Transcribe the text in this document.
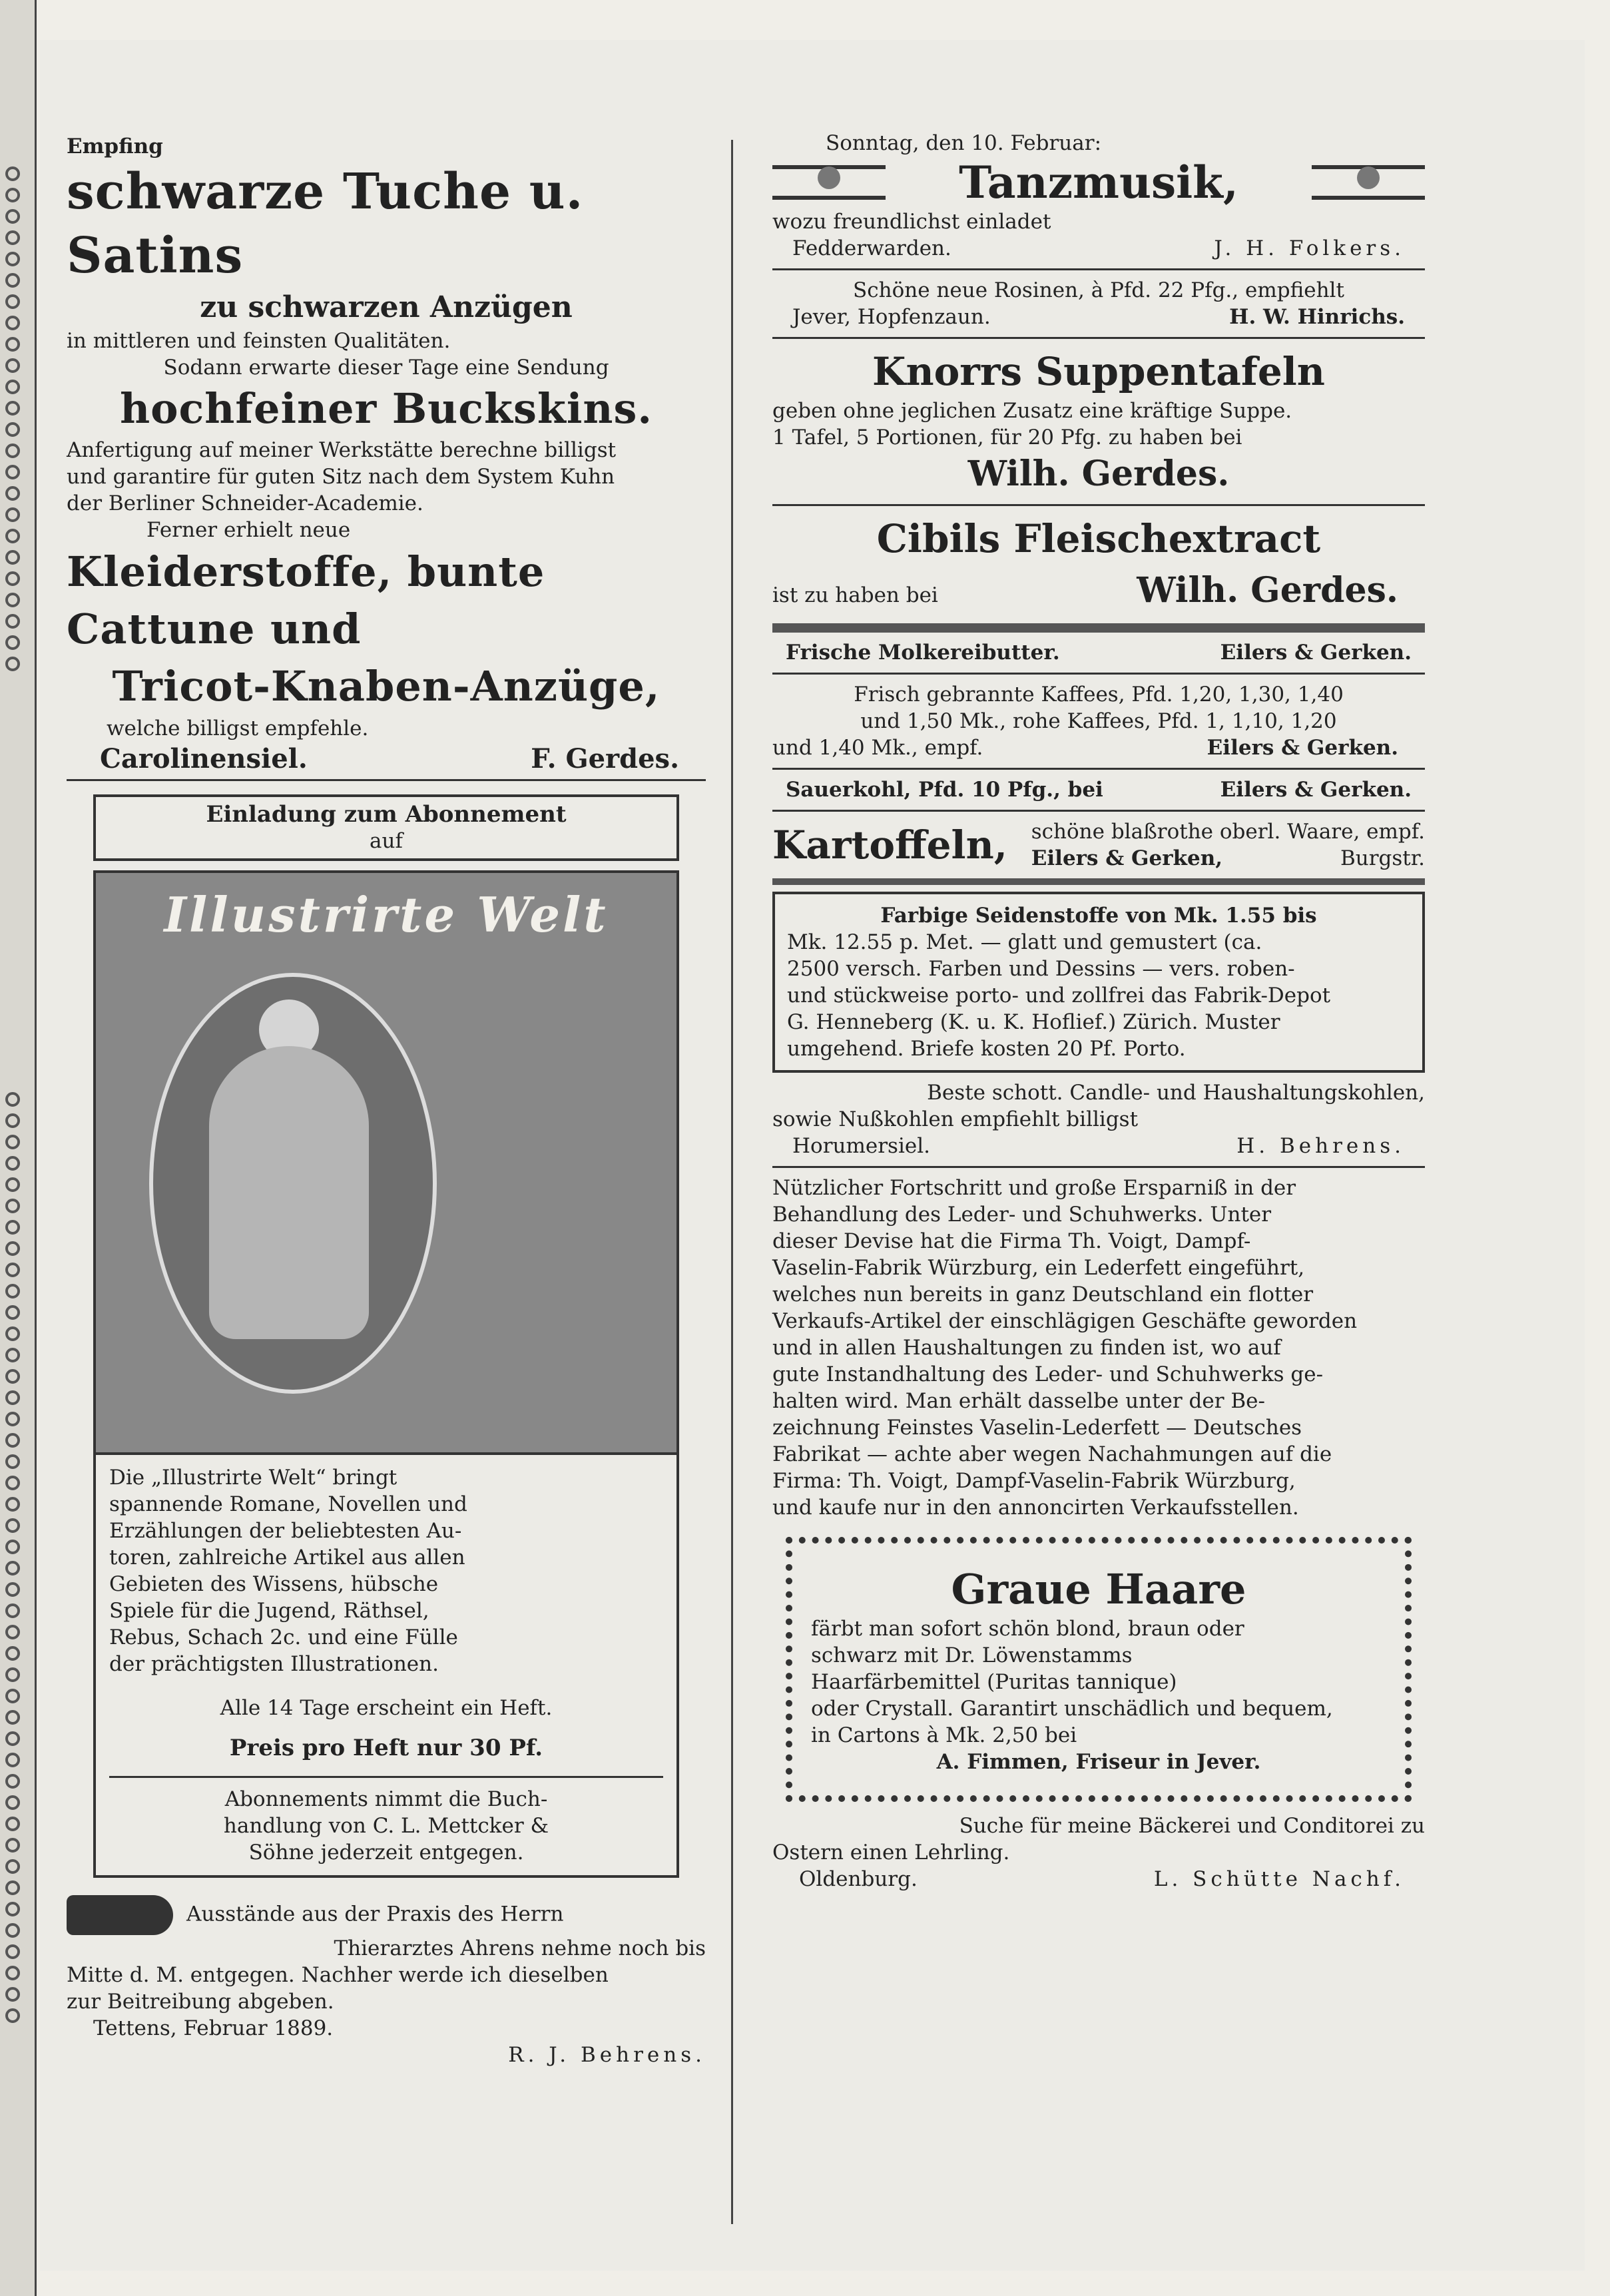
Empfing

schwarze Tuche u. Satins

zu schwarzen Anzügen

in mittleren und feinsten Qualitäten.

Sodann erwarte dieser Tage eine Sendung

hochfeiner Buckskins.

Anfertigung auf meiner Werkstätte berechne billigst

und garantire für guten Sitz nach dem System Kuhn

der Berliner Schneider-Academie.

Ferner erhielt neue

Kleiderstoffe, bunte Cattune und

Tricot-Knaben-Anzüge,

welche billigst empfehle.

Carolinensiel.	F. Gerdes.

Einladung zum Abonnement

auf

Illustrirte Welt

Die „Illustrirte Welt“ bringt

spannende Romane, Novellen und

Erzählungen der beliebtesten Au-

toren, zahlreiche Artikel aus allen

Gebieten des Wissens, hübsche

Spiele für die Jugend, Räthsel,

Rebus, Schach 2c. und eine Fülle

der prächtigsten Illustrationen.

Alle 14 Tage erscheint ein Heft.

Preis pro Heft nur 30 Pf.

Abonnements nimmt die Buch-

handlung von C. L. Mettcker &

Söhne jederzeit entgegen.

Ausstände aus der Praxis des Herrn

Thierarztes Ahrens nehme noch bis

Mitte d. M. entgegen. Nachher werde ich dieselben

zur Beitreibung abgeben.

Tettens, Februar 1889.

R. J. Behrens.

Sonntag, den 10. Februar:

Tanzmusik,

wozu freundlichst einladet

Fedderwarden.	J. H. Folkers.

Schöne neue Rosinen, à Pfd. 22 Pfg., empfiehlt

Jever, Hopfenzaun.	H. W. Hinrichs.

Knorrs Suppentafeln

geben ohne jeglichen Zusatz eine kräftige Suppe.

1 Tafel, 5 Portionen, für 20 Pfg. zu haben bei

Wilh. Gerdes.

Cibils Fleischextract

ist zu haben bei	Wilh. Gerdes.
Frische Molkereibutter.	Eilers & Gerken.

Frisch gebrannte Kaffees, Pfd. 1,20, 1,30, 1,40

und 1,50 Mk., rohe Kaffees, Pfd. 1, 1,10, 1,20

und 1,40 Mk., empf.	Eilers & Gerken.
Sauerkohl, Pfd. 10 Pfg., bei	Eilers & Gerken.
Kartoffeln, schöne blaßrothe oberl. Waare, empf.
Eilers & Gerken,	Burgstr.

Farbige Seidenstoffe von Mk. 1.55 bis

Mk. 12.55 p. Met. — glatt und gemustert (ca.

2500 versch. Farben und Dessins — vers. roben-

und stückweise porto- und zollfrei das Fabrik-Depot

G. Henneberg (K. u. K. Hoflief.) Zürich. Muster

umgehend. Briefe kosten 20 Pf. Porto.

Beste schott. Candle- und Haushaltungskohlen,

sowie Nußkohlen empfiehlt billigst

Horumersiel.	H. Behrens.

Nützlicher Fortschritt und große Ersparniß in der

Behandlung des Leder- und Schuhwerks. Unter

dieser Devise hat die Firma Th. Voigt, Dampf-

Vaselin-Fabrik Würzburg, ein Lederfett eingeführt,

welches nun bereits in ganz Deutschland ein flotter

Verkaufs-Artikel der einschlägigen Geschäfte geworden

und in allen Haushaltungen zu finden ist, wo auf

gute Instandhaltung des Leder- und Schuhwerks ge-

halten wird. Man erhält dasselbe unter der Be-

zeichnung Feinstes Vaselin-Lederfett — Deutsches

Fabrikat — achte aber wegen Nachahmungen auf die

Firma: Th. Voigt, Dampf-Vaselin-Fabrik Würzburg,

und kaufe nur in den annoncirten Verkaufsstellen.

Graue Haare

färbt man sofort schön blond, braun oder

schwarz mit Dr. Löwenstamms

Haarfärbemittel (Puritas tannique)

oder Crystall. Garantirt unschädlich und bequem,

in Cartons à Mk. 2,50 bei

A. Fimmen, Friseur in Jever.

Suche für meine Bäckerei und Conditorei zu

Ostern einen Lehrling.

Oldenburg.	L. Schütte Nachf.
